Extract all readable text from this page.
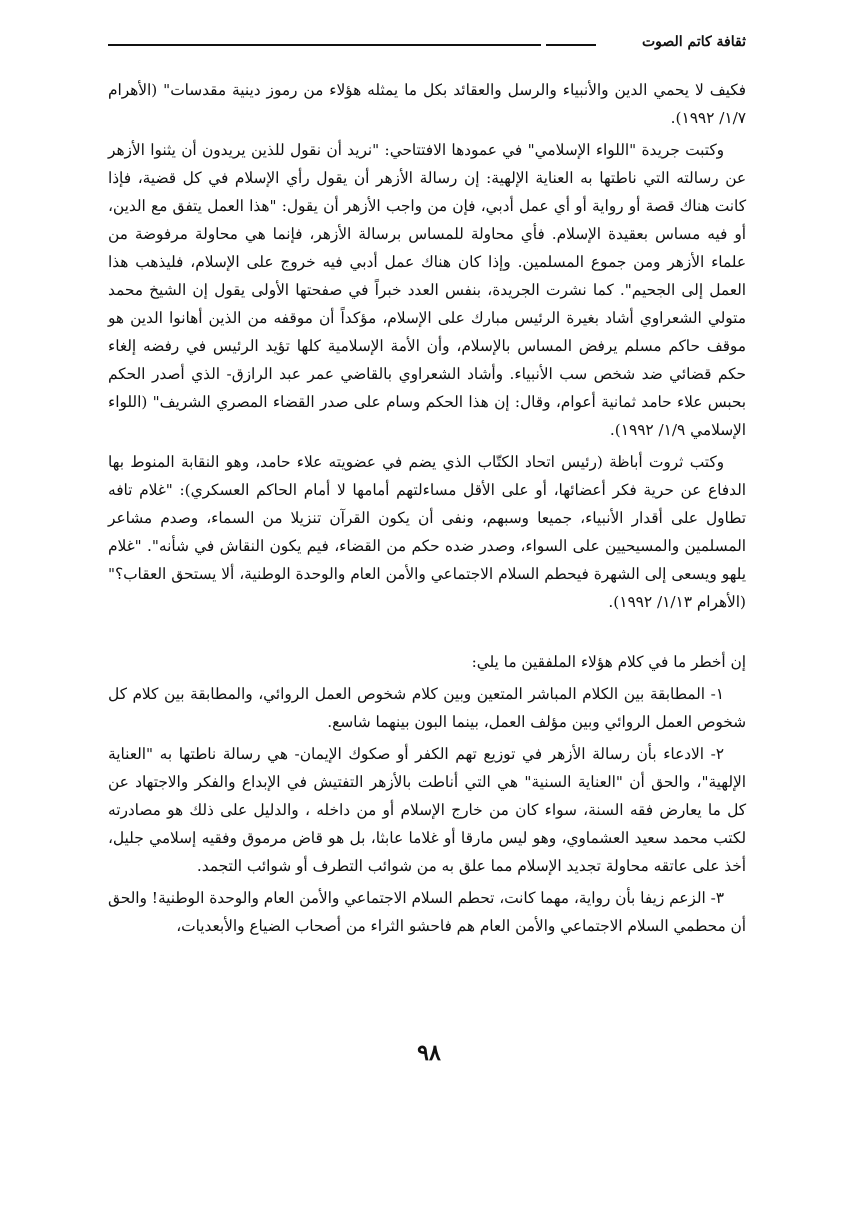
ثقافة كاتم الصوت

فكيف لا يحمي الدين والأنبياء والرسل والعقائد بكل ما يمثله هؤلاء من رموز دينية مقدسات" (الأهرام ١/٧/ ١٩٩٢).

وكتبت جريدة "اللواء الإسلامي" في عمودها الافتتاحي: "نريد أن نقول للذين يريدون أن يثنوا الأزهر عن رسالته التي ناطتها به العناية الإلهية: إن رسالة الأزهر أن يقول رأي الإسلام في كل قضية، فإذا كانت هناك قصة أو رواية أو أي عمل أدبي، فإن من واجب الأزهر أن يقول: "هذا العمل يتفق مع الدين، أو فيه مساس بعقيدة الإسلام. فأي محاولة للمساس برسالة الأزهر، فإنما هي محاولة مرفوضة من علماء الأزهر ومن جموع المسلمين. وإذا كان هناك عمل أدبي فيه خروج على الإسلام، فليذهب هذا العمل إلى الجحيم". كما نشرت الجريدة، بنفس العدد خبراً في صفحتها الأولى يقول إن الشيخ محمد متولي الشعراوي أشاد بغيرة الرئيس مبارك على الإسلام، مؤكداً أن موقفه من الذين أهانوا الدين هو موقف حاكم مسلم يرفض المساس بالإسلام، وأن الأمة الإسلامية كلها تؤيد الرئيس في رفضه إلغاء حكم قضائي ضد شخص سب الأنبياء. وأشاد الشعراوي بالقاضي عمر عبد الرازق- الذي أصدر الحكم بحبس علاء حامد ثمانية أعوام، وقال: إن هذا الحكم وسام على صدر القضاء المصري الشريف" (اللواء الإسلامي ١/٩/ ١٩٩٢).

وكتب ثروت أباظة (رئيس اتحاد الكتّاب الذي يضم في عضويته علاء حامد، وهو النقابة المنوط بها الدفاع عن حرية فكر أعضائها، أو على الأقل مساءلتهم أمامها لا أمام الحاكم العسكري): "غلام تافه تطاول على أقدار الأنبياء، جميعا وسبهم، ونفى أن يكون القرآن تنزيلا من السماء، وصدم مشاعر المسلمين والمسيحيين على السواء، وصدر ضده حكم من القضاء، فيم يكون النقاش في شأنه". "غلام يلهو ويسعى إلى الشهرة فيحطم السلام الاجتماعي والأمن العام والوحدة الوطنية، ألا يستحق العقاب؟" (الأهرام ١/١٣/ ١٩٩٢).

إن أخطر ما في كلام هؤلاء الملفقين ما يلي:

١- المطابقة بين الكلام المباشر المتعين وبين كلام شخوص العمل الروائي، والمطابقة بين كلام كل شخوص العمل الروائي وبين مؤلف العمل، بينما البون بينهما شاسع.

٢- الادعاء بأن رسالة الأزهر في توزيع تهم الكفر أو صكوك الإيمان- هي رسالة ناطتها به "العناية الإلهية"، والحق أن "العناية السنية" هي التي أناطت بالأزهر التفتيش في الإبداع والفكر والاجتهاد عن كل ما يعارض فقه السنة، سواء كان من خارج الإسلام أو من داخله ، والدليل على ذلك هو مصادرته لكتب محمد سعيد العشماوي، وهو ليس مارقا أو غلاما عابثا، بل هو قاض مرموق وفقيه إسلامي جليل، أخذ على عاتقه محاولة تجديد الإسلام مما علق به من شوائب التطرف أو شوائب التجمد.

٣- الزعم زيفا بأن رواية، مهما كانت، تحطم السلام الاجتماعي والأمن العام والوحدة الوطنية! والحق أن محطمي السلام الاجتماعي والأمن العام هم فاحشو الثراء من أصحاب الضياع والأبعديات،

٩٨
